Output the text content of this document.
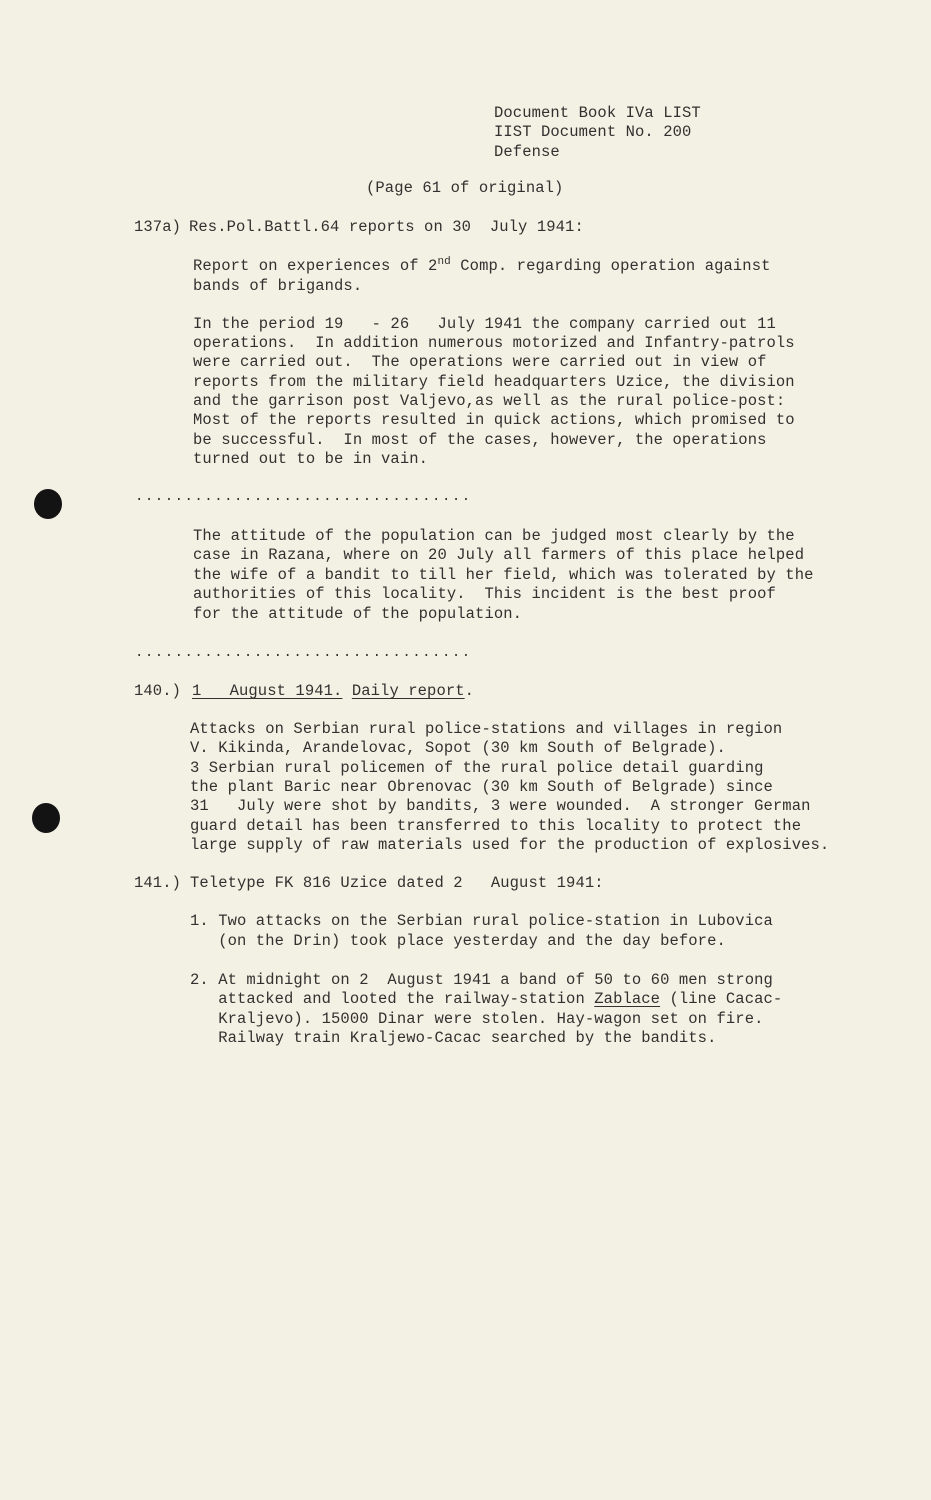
Document Book IVa LIST
IIST Document No. 200
Defense
(Page 61 of original)
137a) Res.Pol.Battl.64 reports on 30  July 1941:
Report on experiences of 2nd Comp. regarding operation against
bands of brigands.
In the period 19   - 26   July 1941 the company carried out 11
operations.  In addition numerous motorized and Infantry-patrols
were carried out.  The operations were carried out in view of
reports from the military field headquarters Uzice, the division
and the garrison post Valjevo,as well as the rural police-post:
Most of the reports resulted in quick actions, which promised to
be successful.  In most of the cases, however, the operations
turned out to be in vain.
..................................
The attitude of the population can be judged most clearly by the
case in Razana, where on 20 July all farmers of this place helped
the wife of a bandit to till her field, which was tolerated by the
authorities of this locality.  This incident is the best proof
for the attitude of the population.
..................................
140.) 1   August 1941. Daily report.
Attacks on Serbian rural police-stations and villages in region
V. Kikinda, Arandelovac, Sopot (30 km South of Belgrade).
3 Serbian rural policemen of the rural police detail guarding
the plant Baric near Obrenovac (30 km South of Belgrade) since
31   July were shot by bandits, 3 were wounded.  A stronger German
guard detail has been transferred to this locality to protect the
large supply of raw materials used for the production of explosives.
141.) Teletype FK 816 Uzice dated 2   August 1941:
1. Two attacks on the Serbian rural police-station in Lubovica
(on the Drin) took place yesterday and the day before.
2. At midnight on 2  August 1941 a band of 50 to 60 men strong
attacked and looted the railway-station Zablace (line Cacac-
Kraljevo). 15000 Dinar were stolen. Hay-wagon set on fire.
Railway train Kraljewo-Cacac searched by the bandits.
